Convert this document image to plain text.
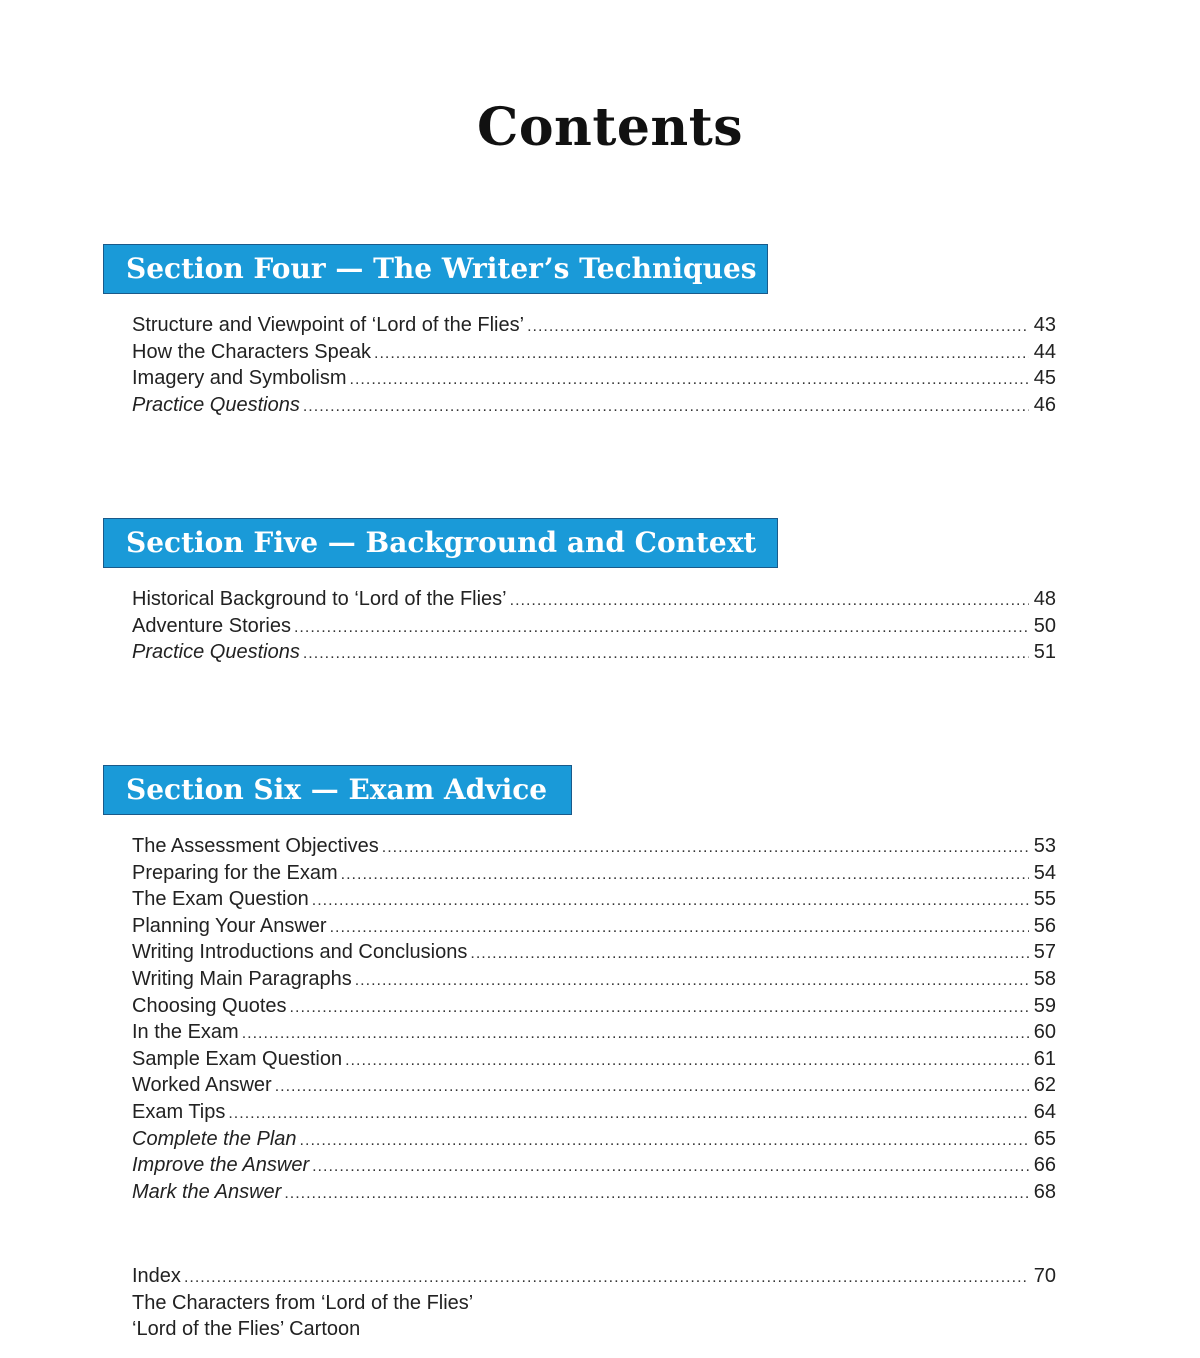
Contents
Section Four — The Writer’s Techniques
Structure and Viewpoint of ‘Lord of the Flies’ .....	43
How the Characters Speak .....	44
Imagery and Symbolism .....	45
Practice Questions .....	46
Section Five — Background and Context
Historical Background to ‘Lord of the Flies’ .....	48
Adventure Stories .....	50
Practice Questions .....	51
Section Six — Exam Advice
The Assessment Objectives .....	53
Preparing for the Exam .....	54
The Exam Question .....	55
Planning Your Answer .....	56
Writing Introductions and Conclusions .....	57
Writing Main Paragraphs .....	58
Choosing Quotes .....	59
In the Exam .....	60
Sample Exam Question .....	61
Worked Answer .....	62
Exam Tips .....	64
Complete the Plan .....	65
Improve the Answer .....	66
Mark the Answer .....	68
Index .....	70
The Characters from ‘Lord of the Flies’
‘Lord of the Flies’ Cartoon
